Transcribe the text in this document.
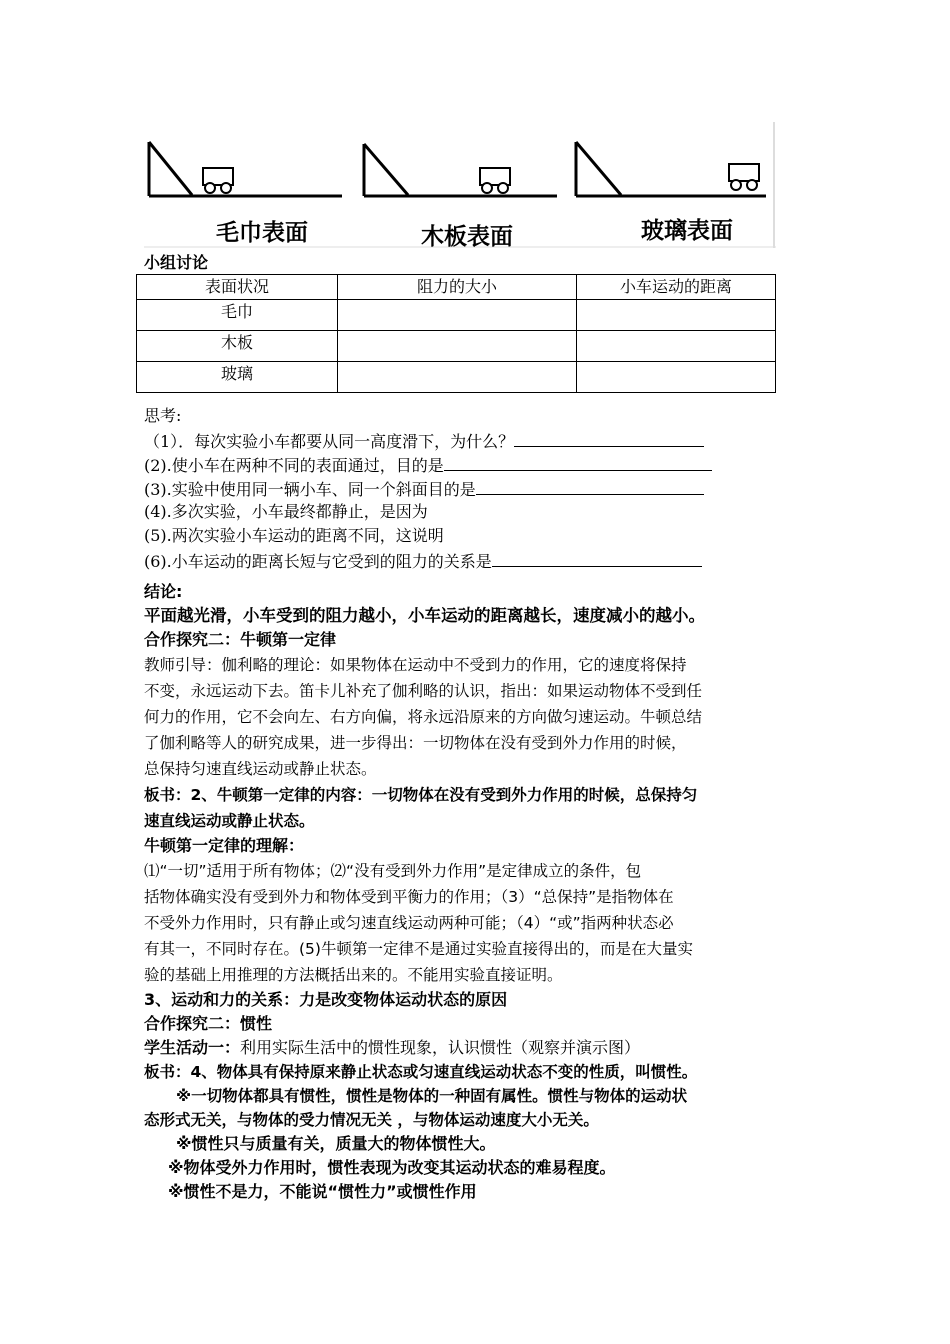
毛巾表面	木板表面	玻璃表面
小组讨论
表面状况	阻力的大小	小车运动的距离
毛巾		
木板		
玻璃		
思考:
（1）．每次实验小车都要从同一高度滑下，为什么？
(2).使小车在两种不同的表面通过，目的是
(3).实验中使用同一辆小车、同一个斜面目的是
(4).多次实验，小车最终都静止，是因为
(5).两次实验小车运动的距离不同，这说明
(6).小车运动的距离长短与它受到的阻力的关系是
结论:
平面越光滑，小车受到的阻力越小，小车运动的距离越长，速度减小的越小。
合作探究二：牛顿第一定律
教师引导：伽利略的理论：如果物体在运动中不受到力的作用，它的速度将保持
不变，永远运动下去。笛卡儿补充了伽利略的认识，指出：如果运动物体不受到任
何力的作用，它不会向左、右方向偏，将永远沿原来的方向做匀速运动。牛顿总结
了伽利略等人的研究成果，进一步得出：一切物体在没有受到外力作用的时候，
总保持匀速直线运动或静止状态。
板书：2、牛顿第一定律的内容：一切物体在没有受到外力作用的时候，总保持匀
速直线运动或静止状态。
牛顿第一定律的理解：
⑴“一切”适用于所有物体；⑵“没有受到外力作用”是定律成立的条件，包
括物体确实没有受到外力和物体受到平衡力的作用；（3）“总保持”是指物体在
不受外力作用时，只有静止或匀速直线运动两种可能；（4）“或”指两种状态必
有其一，不同时存在。(5)牛顿第一定律不是通过实验直接得出的，而是在大量实
验的基础上用推理的方法概括出来的。不能用实验直接证明。
3、运动和力的关系：力是改变物体运动状态的原因
合作探究二：惯性
学生活动一：利用实际生活中的惯性现象，认识惯性（观察并演示图）
板书：4、物体具有保持原来静止状态或匀速直线运动状态不变的性质，叫惯性。
※一切物体都具有惯性，惯性是物体的一种固有属性。惯性与物体的运动状
态形式无关，与物体的受力情况无关 ，与物体运动速度大小无关。
※惯性只与质量有关，质量大的物体惯性大。
※物体受外力作用时，惯性表现为改变其运动状态的难易程度。
※惯性不是力，不能说“惯性力”或惯性作用
